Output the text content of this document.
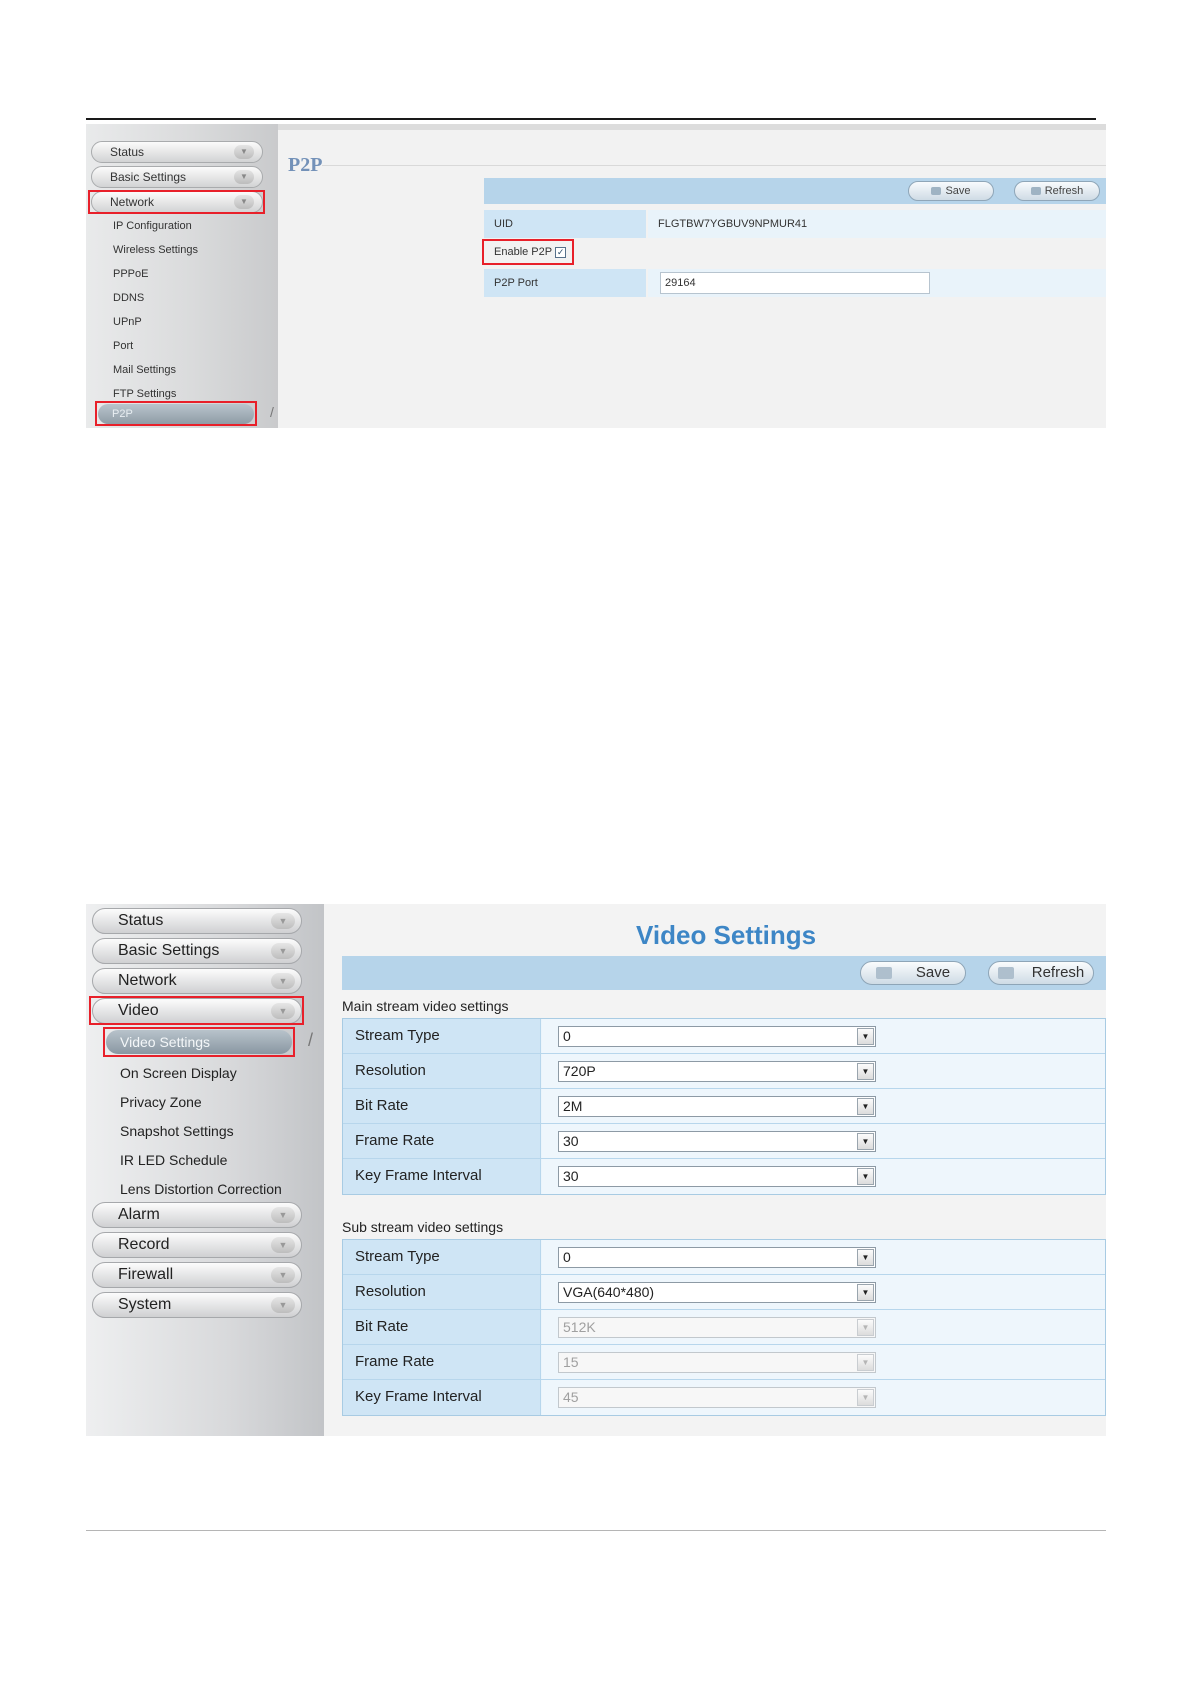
Status	▼
Basic Settings	▼
Network	▼
IP Configuration
Wireless Settings
PPPoE
DDNS
UPnP
Port
Mail Settings
FTP Settings
P2P	/
P2P
Save	Refresh
UID	FLGTBW7YGBUV9NPMUR41
Enable P2P ✓
P2P Port	29164
Status	▼
Basic Settings	▼
Network	▼
Video	▼
Video Settings	/
On Screen Display
Privacy Zone
Snapshot Settings
IR LED Schedule
Lens Distortion Correction
Alarm	▼
Record	▼
Firewall	▼
System	▼
Video Settings
Save	Refresh
Main stream video settings
Stream Type	0	▼
Resolution	720P	▼
Bit Rate	2M	▼
Frame Rate	30	▼
Key Frame Interval	30	▼
Sub stream video settings
Stream Type	0	▼
Resolution	VGA(640*480)	▼
Bit Rate	512K	▼
Frame Rate	15	▼
Key Frame Interval	45	▼
